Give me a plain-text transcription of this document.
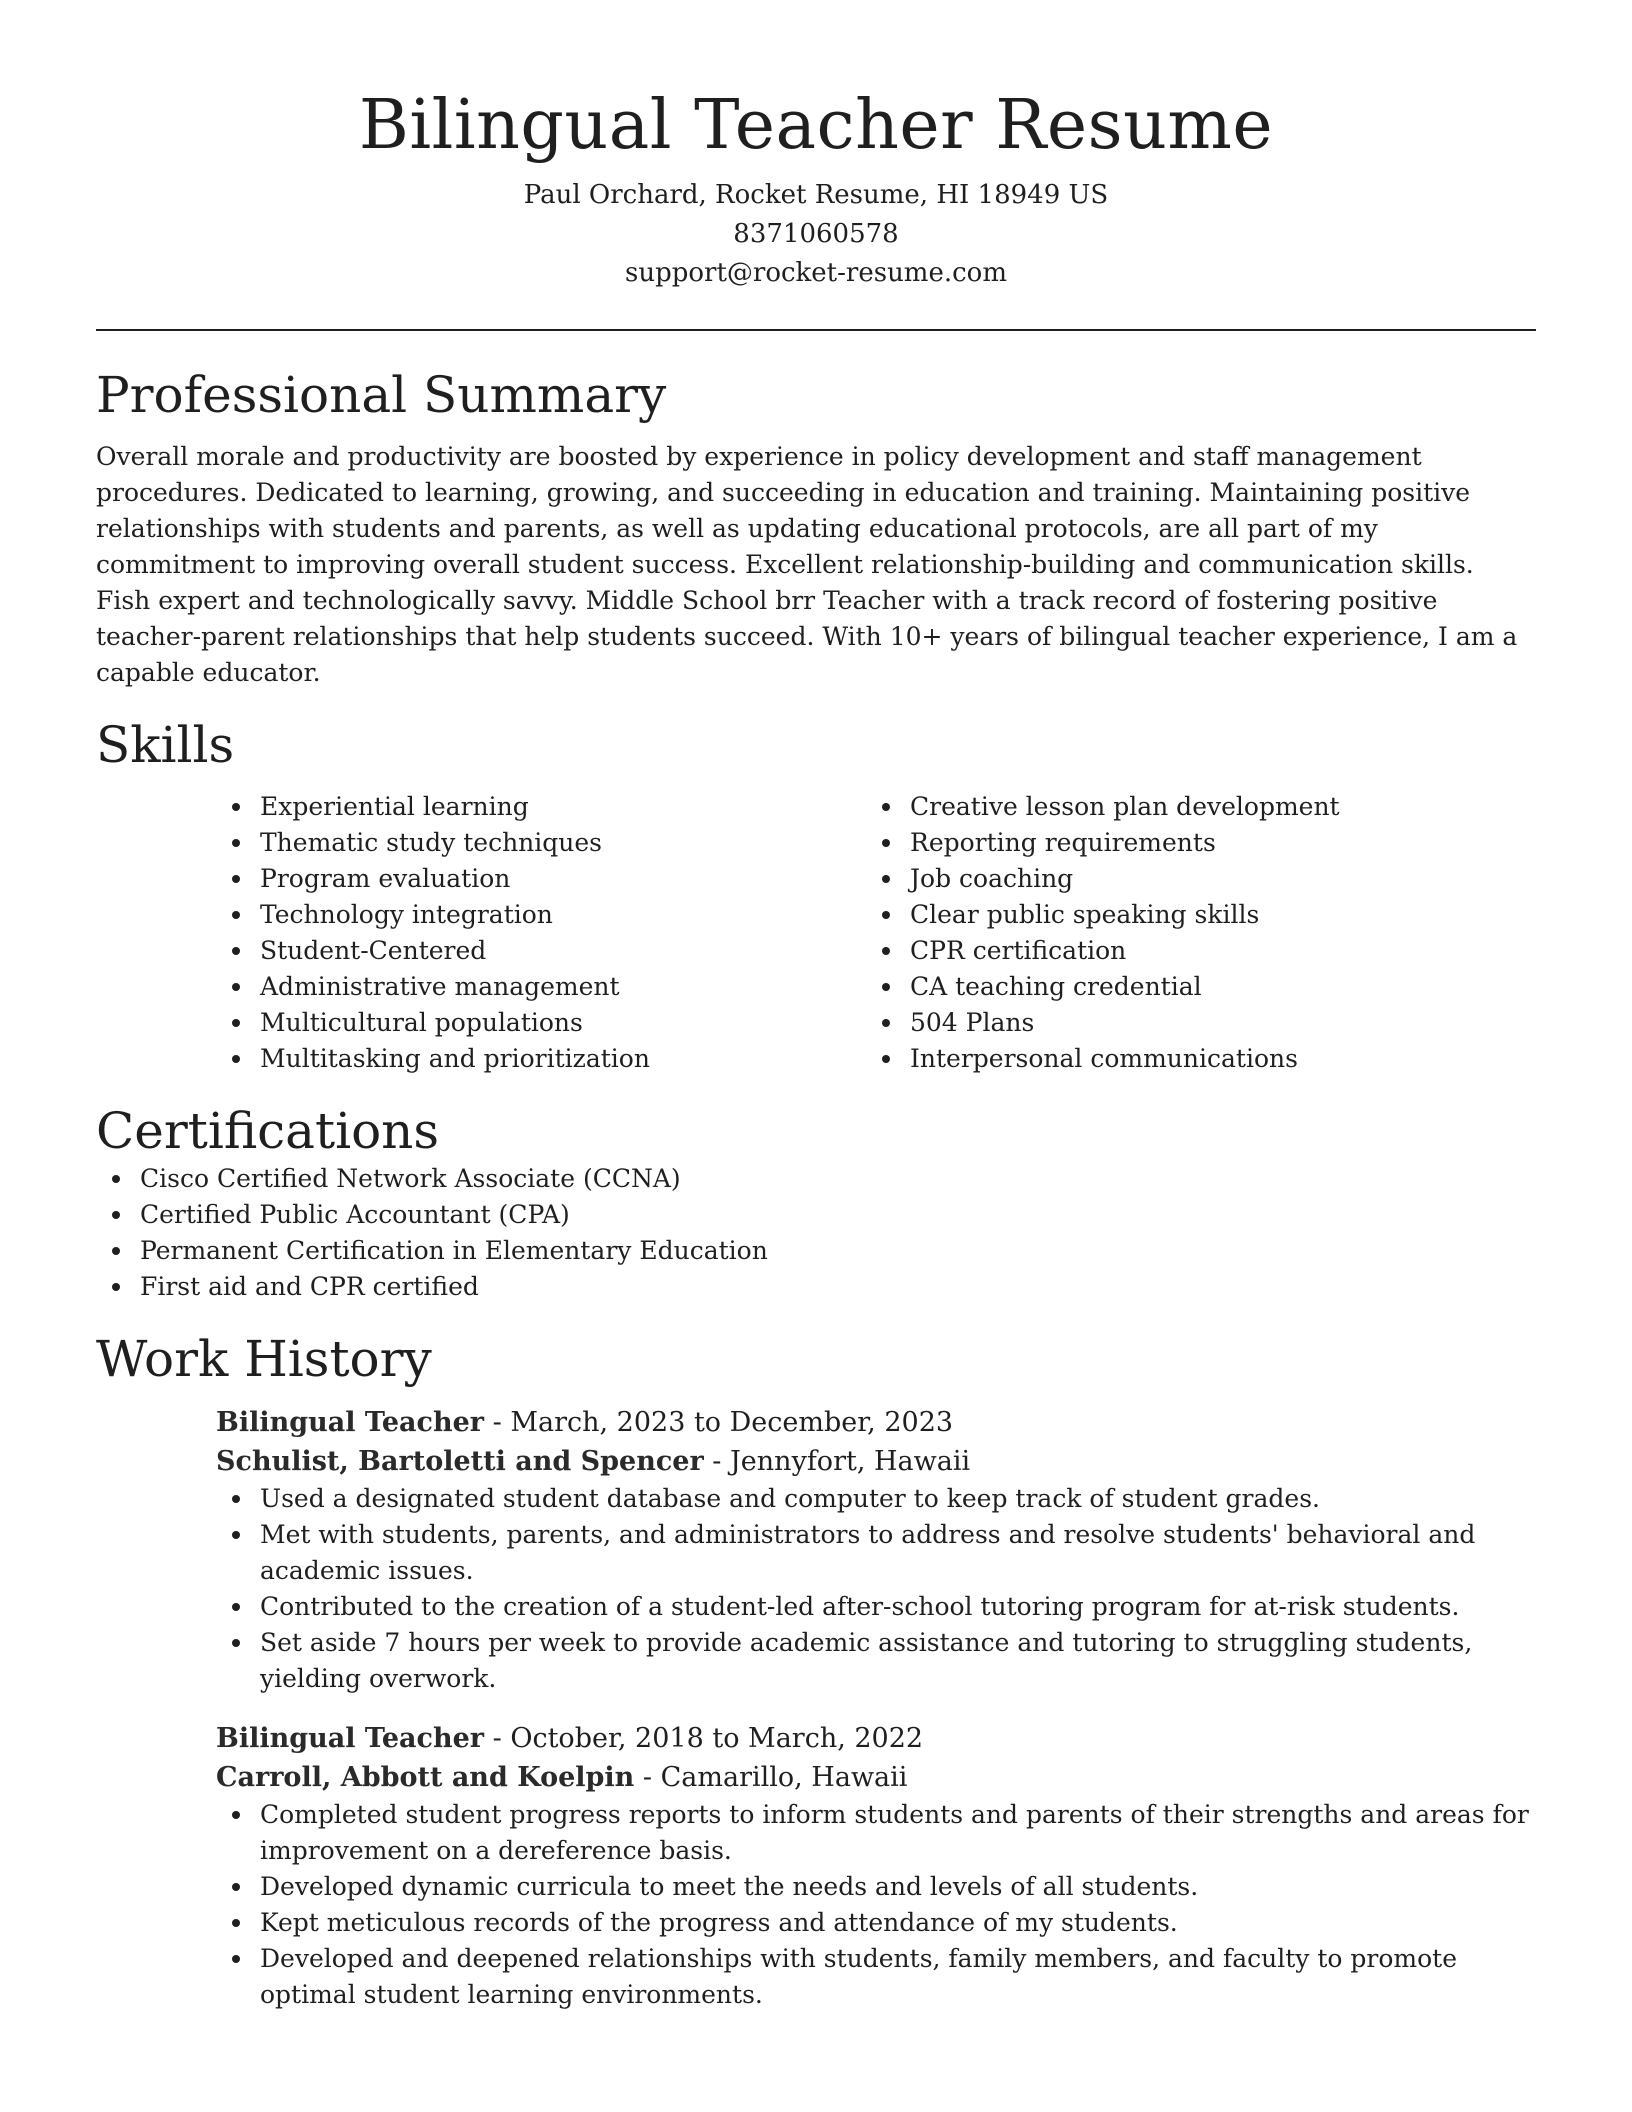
Bilingual Teacher Resume

Paul Orchard, Rocket Resume, HI 18949 US

8371060578

support@rocket-resume.com

Professional Summary

Overall morale and productivity are boosted by experience in policy development and staff management procedures. Dedicated to learning, growing, and succeeding in education and training. Maintaining positive relationships with students and parents, as well as updating educational protocols, are all part of my commitment to improving overall student success. Excellent relationship-building and communication skills. Fish expert and technologically savvy. Middle School brr Teacher with a track record of fostering positive teacher-parent relationships that help students succeed. With 10+ years of bilingual teacher experience, I am a capable educator.

Skills
Experiential learning
Thematic study techniques
Program evaluation
Technology integration
Student-Centered
Administrative management
Multicultural populations
Multitasking and prioritization
Creative lesson plan development
Reporting requirements
Job coaching
Clear public speaking skills
CPR certification
CA teaching credential
504 Plans
Interpersonal communications
Certifications
Cisco Certified Network Associate (CCNA)
Certified Public Accountant (CPA)
Permanent Certification in Elementary Education
First aid and CPR certified
Work History

Bilingual Teacher - March, 2023 to December, 2023

Schulist, Bartoletti and Spencer - Jennyfort, Hawaii

Used a designated student database and computer to keep track of student grades.
Met with students, parents, and administrators to address and resolve students' behavioral and academic issues.
Contributed to the creation of a student-led after-school tutoring program for at-risk students.
Set aside 7 hours per week to provide academic assistance and tutoring to struggling students, yielding overwork.

Bilingual Teacher - October, 2018 to March, 2022

Carroll, Abbott and Koelpin - Camarillo, Hawaii

Completed student progress reports to inform students and parents of their strengths and areas for improvement on a dereference basis.
Developed dynamic curricula to meet the needs and levels of all students.
Kept meticulous records of the progress and attendance of my students.
Developed and deepened relationships with students, family members, and faculty to promote optimal student learning environments.
